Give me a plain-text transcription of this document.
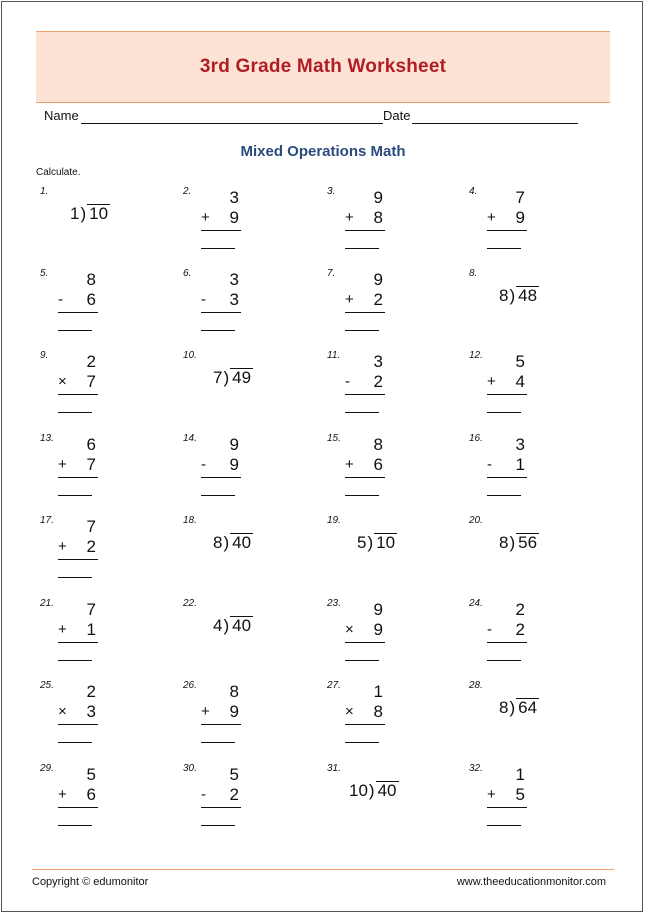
3rd Grade Math Worksheet
Name	Date
Mixed Operations Math
Calculate.
1.
1) 10
2.	3
+	9
3.	9
+	8
4.	7
+	9
5.	8
-	6
6.	3
-	3
7.	9
+	2
8.
8) 48
9.	2
×	7
10.
7) 49
11.	3
-	2
12.	5
+	4
13.	6
+	7
14.	9
-	9
15.	8
+	6
16.	3
-	1
17.	7
+	2
18.
8) 40
19.
5) 10
20.
8) 56
21.	7
+	1
22.
4) 40
23.	9
×	9
24.	2
-	2
25.	2
×	3
26.	8
+	9
27.	1
×	8
28.
8) 64
29.	5
+	6
30.	5
-	2
31.
10) 40
32.	1
+	5
Copyright © edumonitor	www.theeducationmonitor.com
